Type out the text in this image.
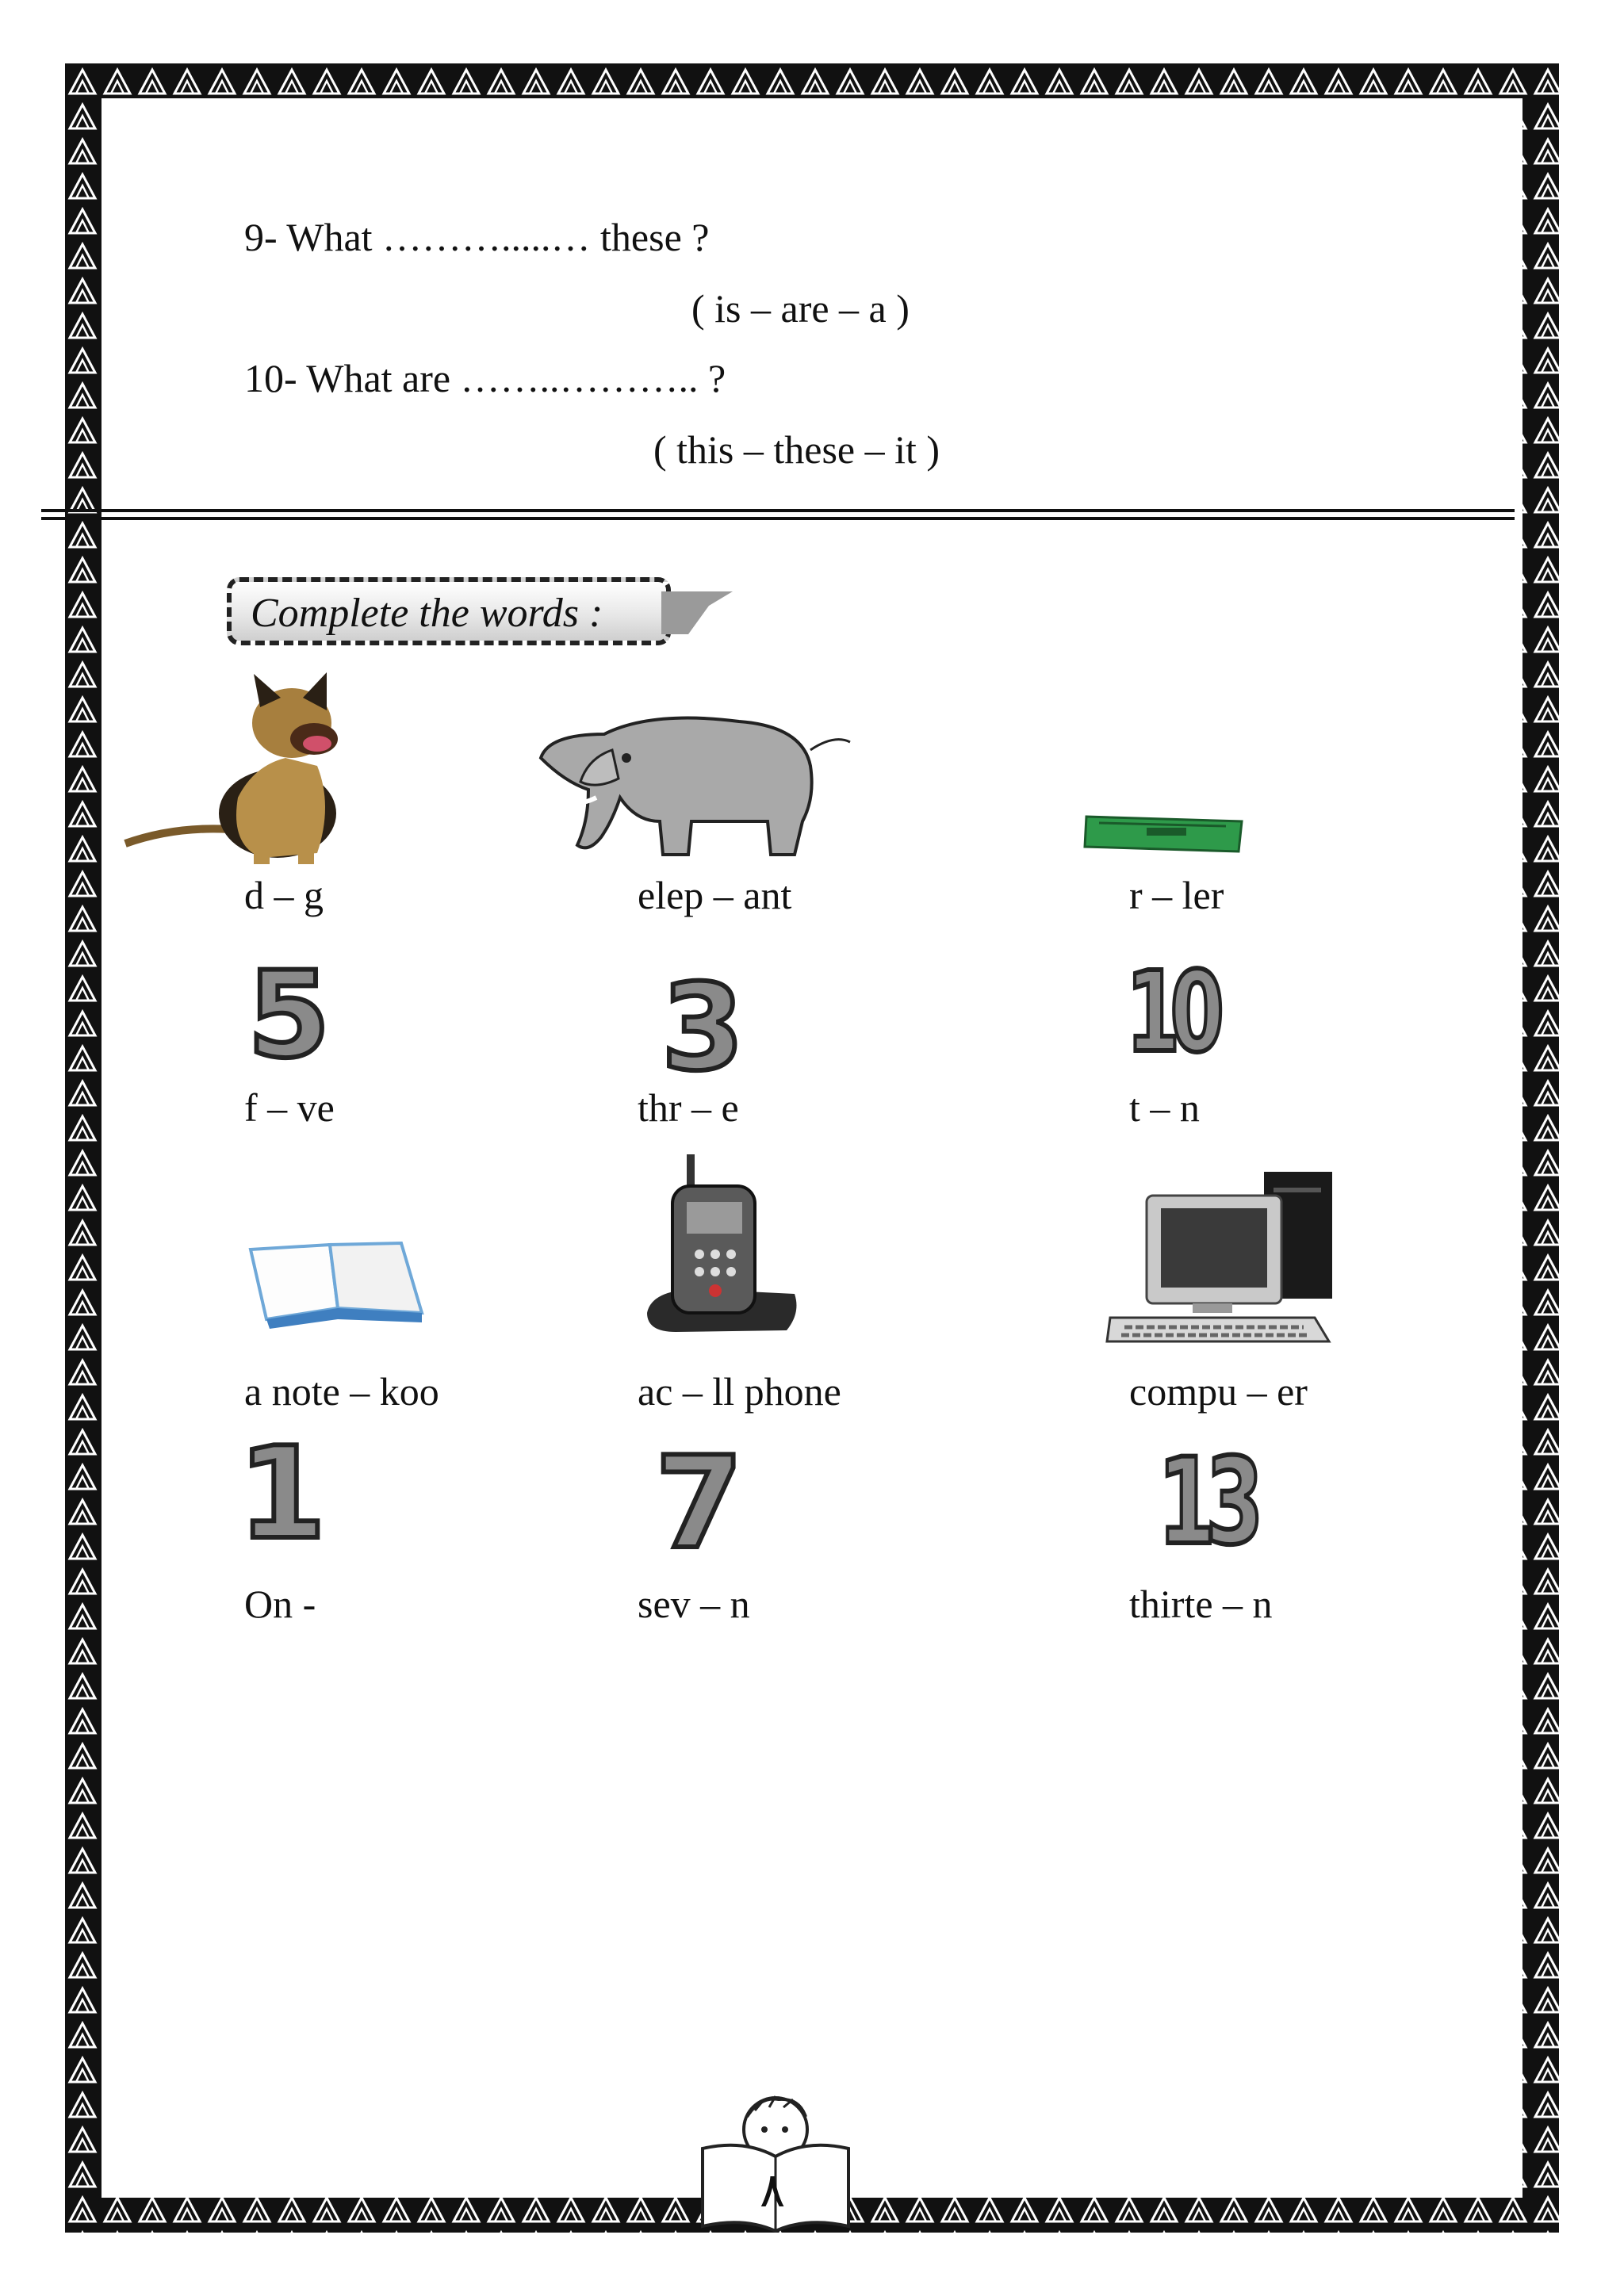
9- What ……….....… these ?
( is – are – a )
10- What are ……..……….. ?
( this – these – it )
Complete the words :
d – g	elep – ant	r – ler
5	3	10
f – ve	thr – e	t – n
a note – koo	ac – ll phone	compu – er
1	7	13
On -	sev – n	thirte – n
٨
